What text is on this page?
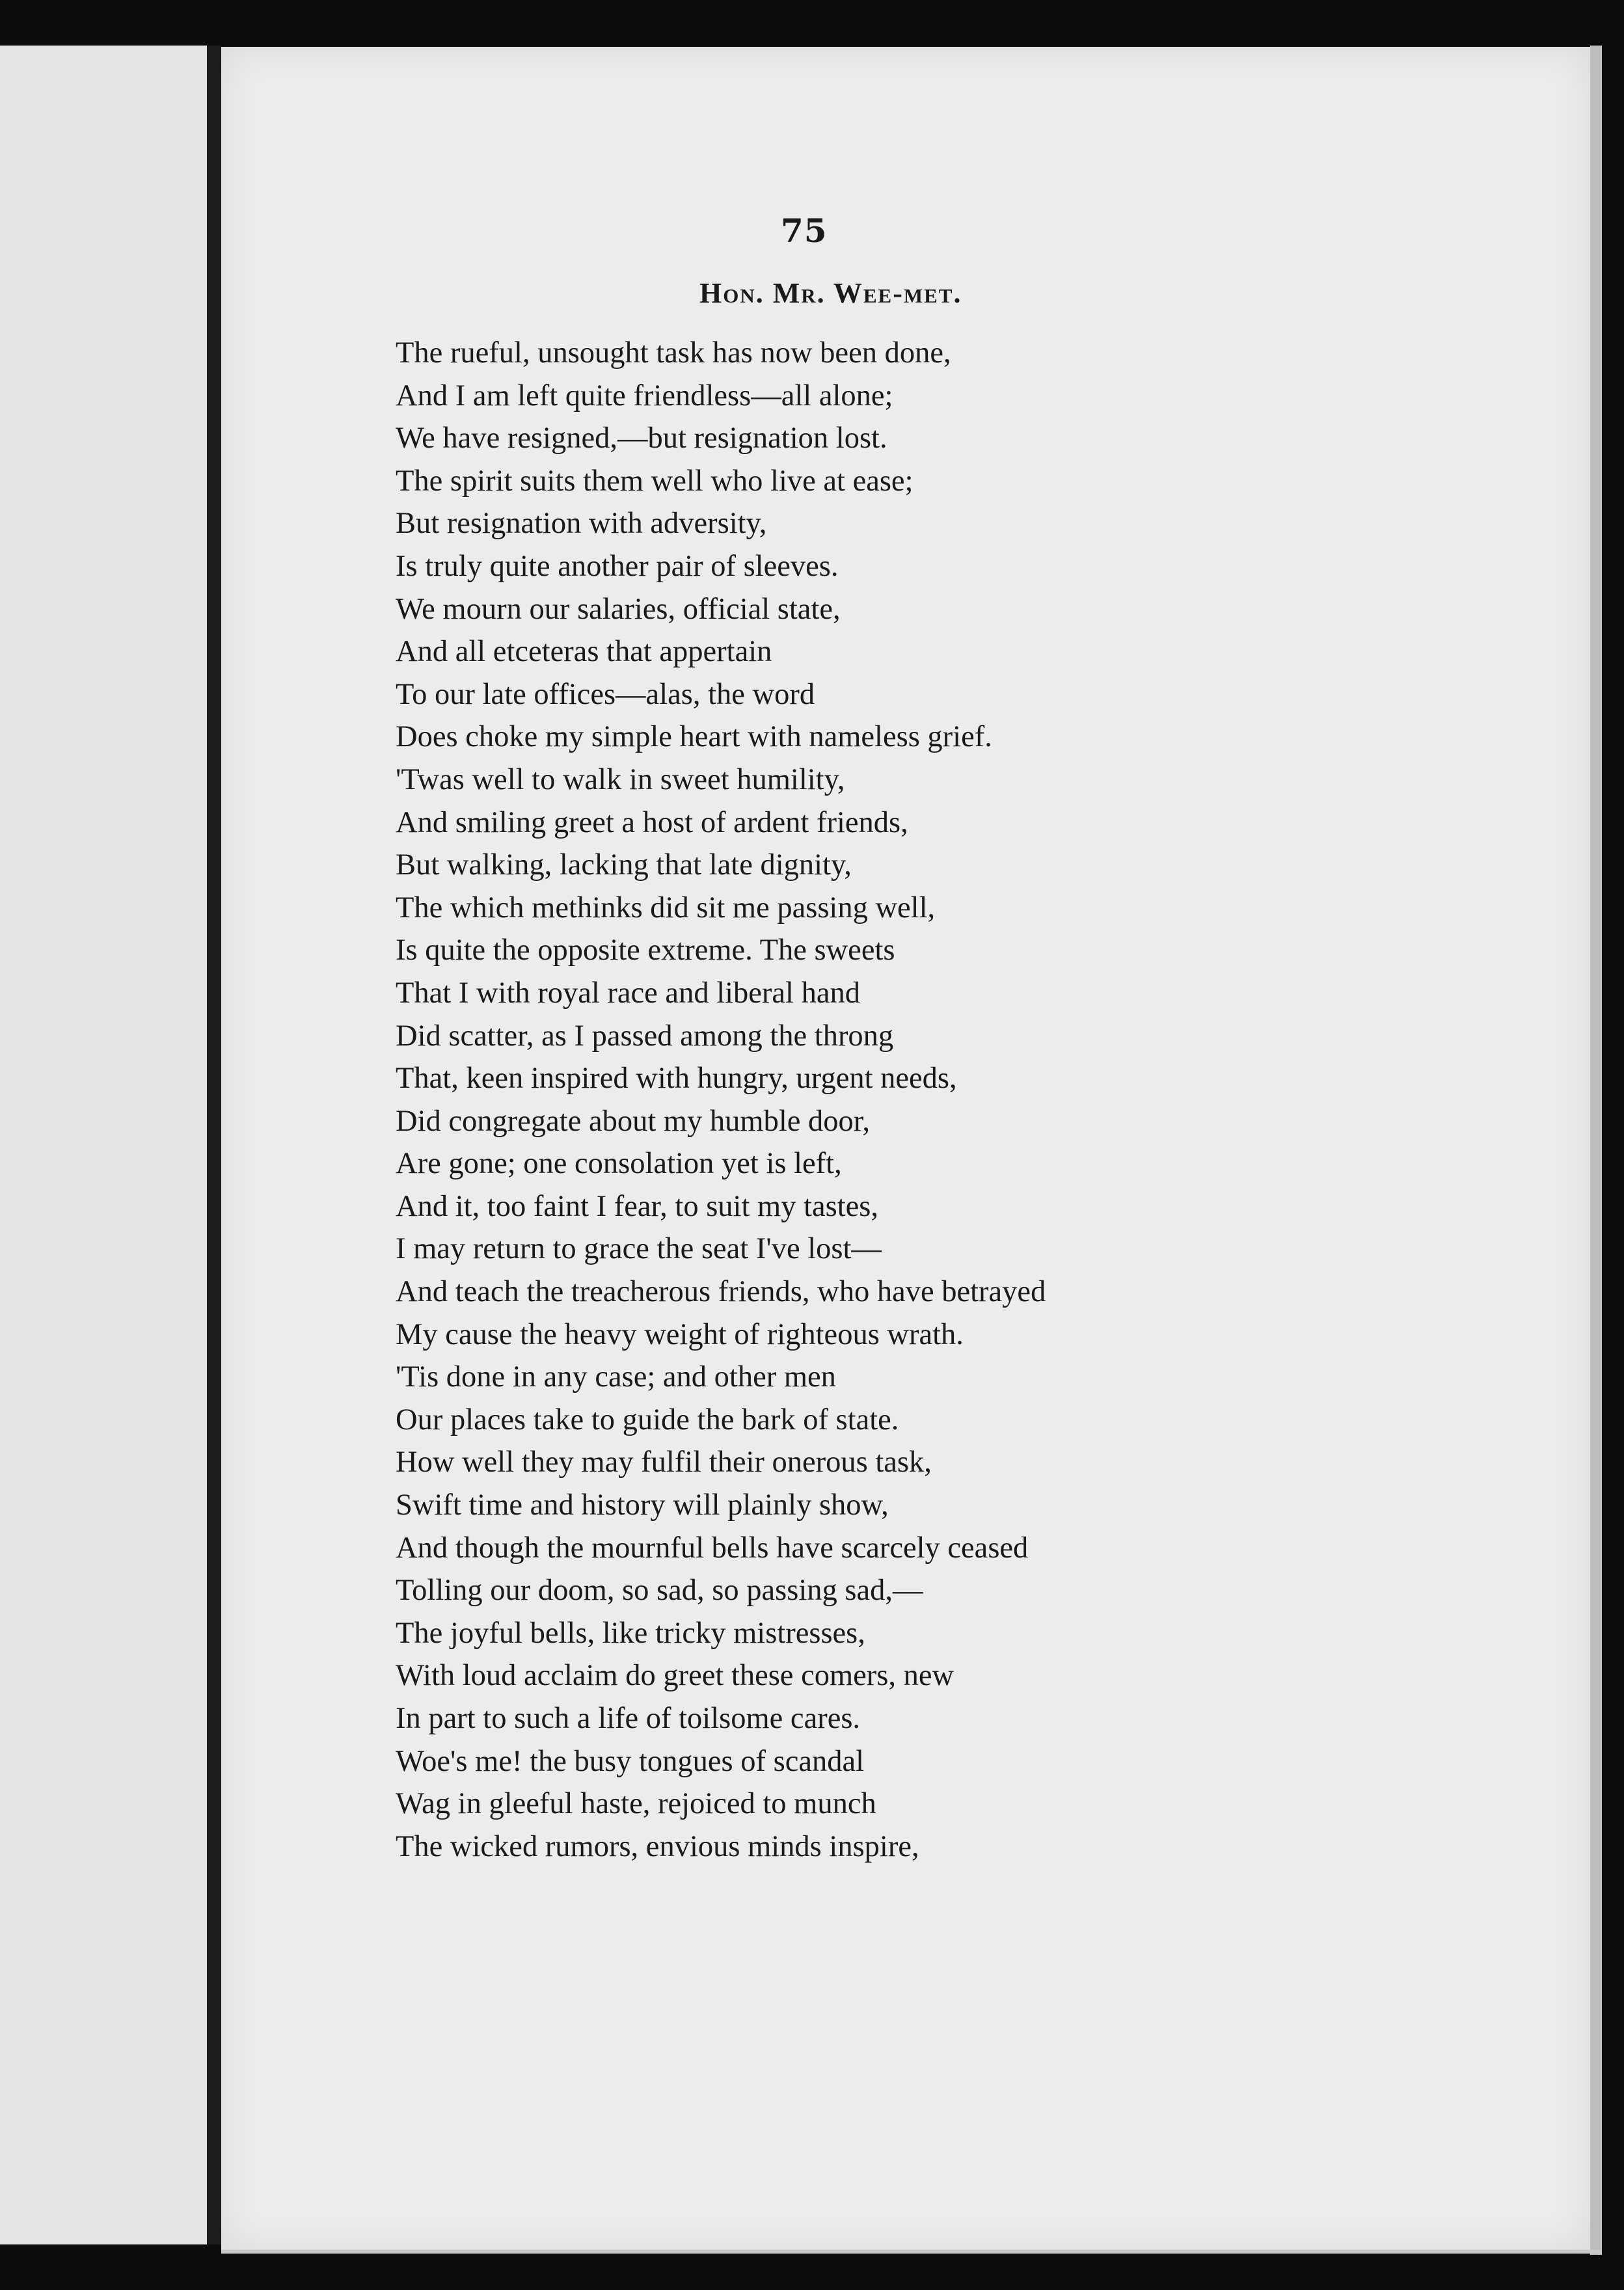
75
Hon. Mr. Wee-met.
The rueful, unsought task has now been done,
And I am left quite friendless—all alone;
We have resigned,—but resignation lost.
The spirit suits them well who live at ease;
But resignation with adversity,
Is truly quite another pair of sleeves.
We mourn our salaries, official state,
And all etceteras that appertain
To our late offices—alas, the word
Does choke my simple heart with nameless grief.
'Twas well to walk in sweet humility,
And smiling greet a host of ardent friends,
But walking, lacking that late dignity,
The which methinks did sit me passing well,
Is quite the opposite extreme. The sweets
That I with royal race and liberal hand
Did scatter, as I passed among the throng
That, keen inspired with hungry, urgent needs,
Did congregate about my humble door,
Are gone; one consolation yet is left,
And it, too faint I fear, to suit my tastes,
I may return to grace the seat I've lost—
And teach the treacherous friends, who have betrayed
My cause the heavy weight of righteous wrath.
'Tis done in any case; and other men
Our places take to guide the bark of state.
How well they may fulfil their onerous task,
Swift time and history will plainly show,
And though the mournful bells have scarcely ceased
Tolling our doom, so sad, so passing sad,—
The joyful bells, like tricky mistresses,
With loud acclaim do greet these comers, new
In part to such a life of toilsome cares.
Woe's me! the busy tongues of scandal
Wag in gleeful haste, rejoiced to munch
The wicked rumors, envious minds inspire,
